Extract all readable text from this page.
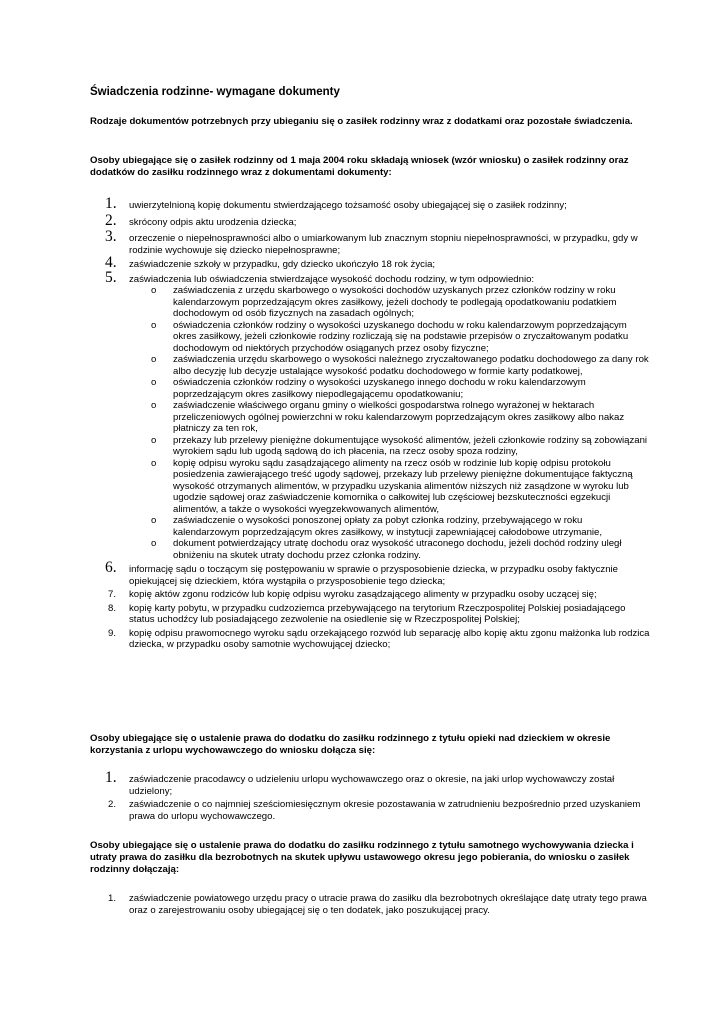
Świadczenia rodzinne- wymagane dokumenty

Rodzaje dokumentów potrzebnych przy ubieganiu się o zasiłek rodzinny wraz z dodatkami oraz pozostałe świadczenia.

Osoby ubiegające się o zasiłek rodzinny od 1 maja 2004 roku składają wniosek (wzór wniosku) o zasiłek rodzinny oraz dodatków do zasiłku rodzinnego wraz z dokumentami dokumenty:

1. uwierzytelnioną kopię dokumentu stwierdzającego tożsamość osoby ubiegającej się o zasiłek rodzinny;
2. skrócony odpis aktu urodzenia dziecka;
3. orzeczenie o niepełnosprawności albo o umiarkowanym lub znacznym stopniu niepełnosprawności, w przypadku, gdy w rodzinie wychowuje się dziecko niepełnosprawne;
4. zaświadczenie szkoły w przypadku, gdy dziecko ukończyło 18 rok życia;
5. zaświadczenia lub oświadczenia stwierdzające wysokość dochodu rodziny, w tym odpowiednio:
o zaświadczenia z urzędu skarbowego o wysokości dochodów uzyskanych przez członków rodziny w roku kalendarzowym poprzedzającym okres zasiłkowy, jeżeli dochody te podlegają opodatkowaniu podatkiem dochodowym od osób fizycznych na zasadach ogólnych;
o oświadczenia członków rodziny o wysokości uzyskanego dochodu w roku kalendarzowym poprzedzającym okres zasiłkowy, jeżeli członkowie rodziny rozliczają się na podstawie przepisów o zryczałtowanym podatku dochodowym od niektórych przychodów osiąganych przez osoby fizyczne;
o zaświadczenia urzędu skarbowego o wysokości należnego zryczałtowanego podatku dochodowego za dany rok albo decyzję lub decyzje ustalające wysokość podatku dochodowego w formie karty podatkowej,
o oświadczenia członków rodziny o wysokości uzyskanego innego dochodu w roku kalendarzowym poprzedzającym okres zasiłkowy niepodlegającemu opodatkowaniu;
o zaświadczenie właściwego organu gminy o wielkości gospodarstwa rolnego wyrażonej w hektarach przeliczeniowych ogólnej powierzchni w roku kalendarzowym poprzedzającym okres zasiłkowy albo nakaz płatniczy za ten rok,
o przekazy lub przelewy pieniężne dokumentujące wysokość alimentów, jeżeli członkowie rodziny są zobowiązani wyrokiem sądu lub ugodą sądową do ich płacenia, na rzecz osoby spoza rodziny,
o kopię odpisu wyroku sądu zasądzającego alimenty na rzecz osób w rodzinie lub kopię odpisu protokołu posiedzenia zawierającego treść ugody sądowej, przekazy lub przelewy pieniężne dokumentujące faktyczną wysokość otrzymanych alimentów, w przypadku uzyskania alimentów niższych niż zasądzone w wyroku lub ugodzie sądowej oraz zaświadczenie komornika o całkowitej lub częściowej bezskuteczności egzekucji alimentów, a także o wysokości wyegzekwowanych alimentów,
o zaświadczenie o wysokości ponoszonej opłaty za pobyt członka rodziny, przebywającego w roku kalendarzowym poprzedzającym okres zasiłkowy, w instytucji zapewniającej całodobowe utrzymanie,
o dokument potwierdzający utratę dochodu oraz wysokość utraconego dochodu, jeżeli dochód rodziny uległ obniżeniu na skutek utraty dochodu przez członka rodziny.
6. informację sądu o toczącym się postępowaniu w sprawie o przysposobienie dziecka, w przypadku osoby faktycznie opiekującej się dzieckiem, która wystąpiła o przysposobienie tego dziecka;
7. kopię aktów zgonu rodziców lub kopię odpisu wyroku zasądzającego alimenty w przypadku osoby uczącej się;
8. kopię karty pobytu, w przypadku cudzoziemca przebywającego na terytorium Rzeczpospolitej Polskiej posiadającego status uchodźcy lub posiadającego zezwolenie na osiedlenie się w Rzeczpospolitej Polskiej;
9. kopię odpisu prawomocnego wyroku sądu orzekającego rozwód lub separację albo kopię aktu zgonu małżonka lub rodzica dziecka, w przypadku osoby samotnie wychowującej dziecko;

Osoby ubiegające się o ustalenie prawa do dodatku do zasiłku rodzinnego z tytułu opieki nad dzieckiem w okresie korzystania z urlopu wychowawczego do wniosku dołącza się:

1. zaświadczenie pracodawcy o udzieleniu urlopu wychowawczego oraz o okresie, na jaki urlop wychowawczy został udzielony;
2. zaświadczenie o co najmniej sześciomiesięcznym okresie pozostawania w zatrudnieniu bezpośrednio przed uzyskaniem prawa do urlopu wychowawczego.

Osoby ubiegające się o ustalenie prawa do dodatku do zasiłku rodzinnego z tytułu samotnego wychowywania dziecka i utraty prawa do zasiłku dla bezrobotnych na skutek upływu ustawowego okresu jego pobierania, do wniosku o zasiłek rodzinny dołączają:

1. zaświadczenie powiatowego urzędu pracy o utracie prawa do zasiłku dla bezrobotnych określające datę utraty tego prawa oraz o zarejestrowaniu osoby ubiegającej się o ten dodatek, jako poszukującej pracy.
